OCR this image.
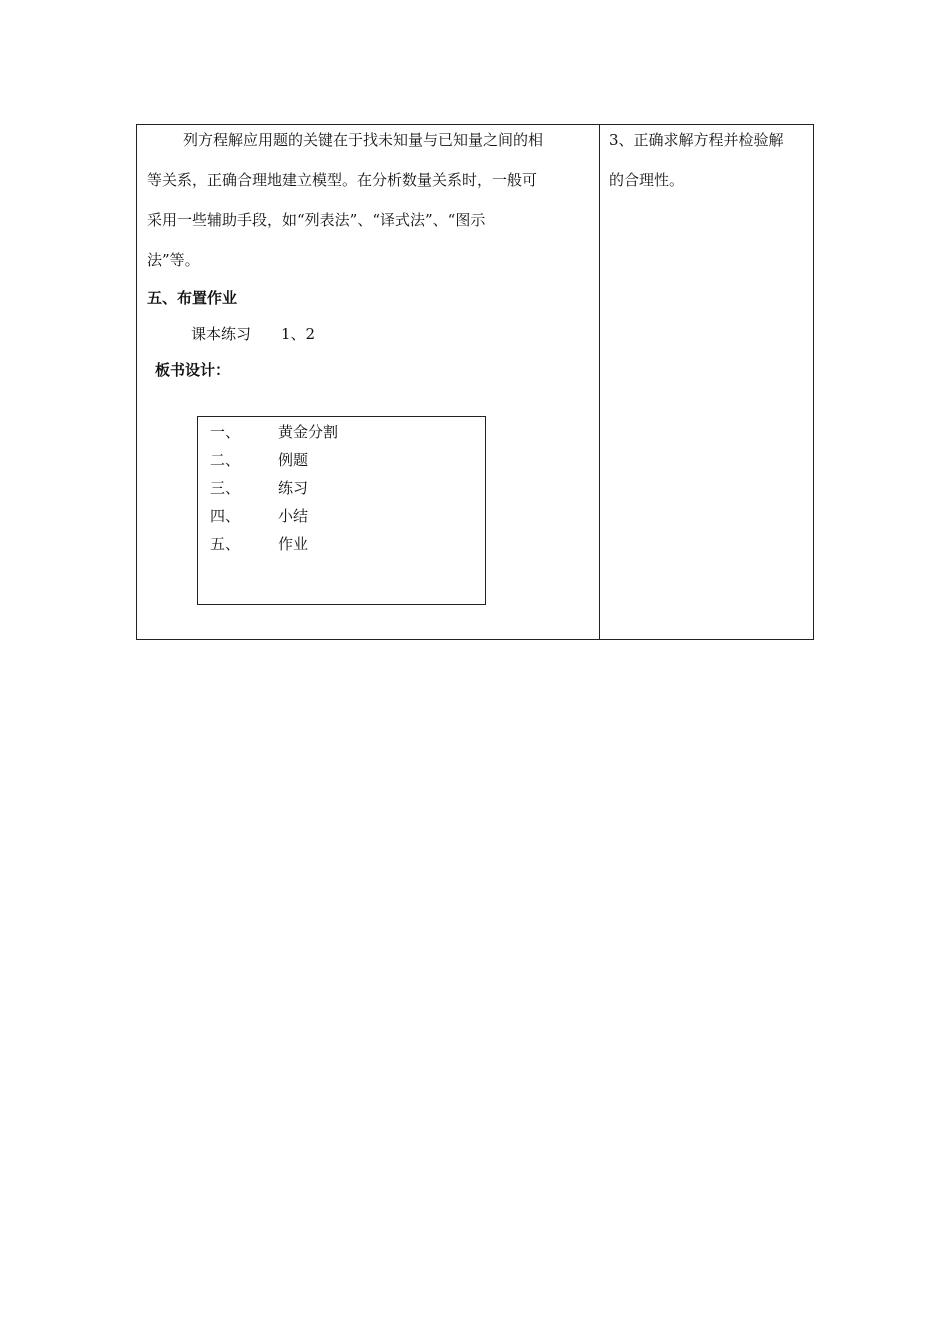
列方程解应用题的关键在于找未知量与已知量之间的相
等关系，正确合理地建立模型。在分析数量关系时，一般可
采用一些辅助手段，如“列表法”、“译式法”、“图示
法”等。
五、布置作业
课本练习　　1、2
板书设计：
一、	黄金分割
二、	例题
三、	练习
四、	小结
五、	作业
3、正确求解方程并检验解
的合理性。
